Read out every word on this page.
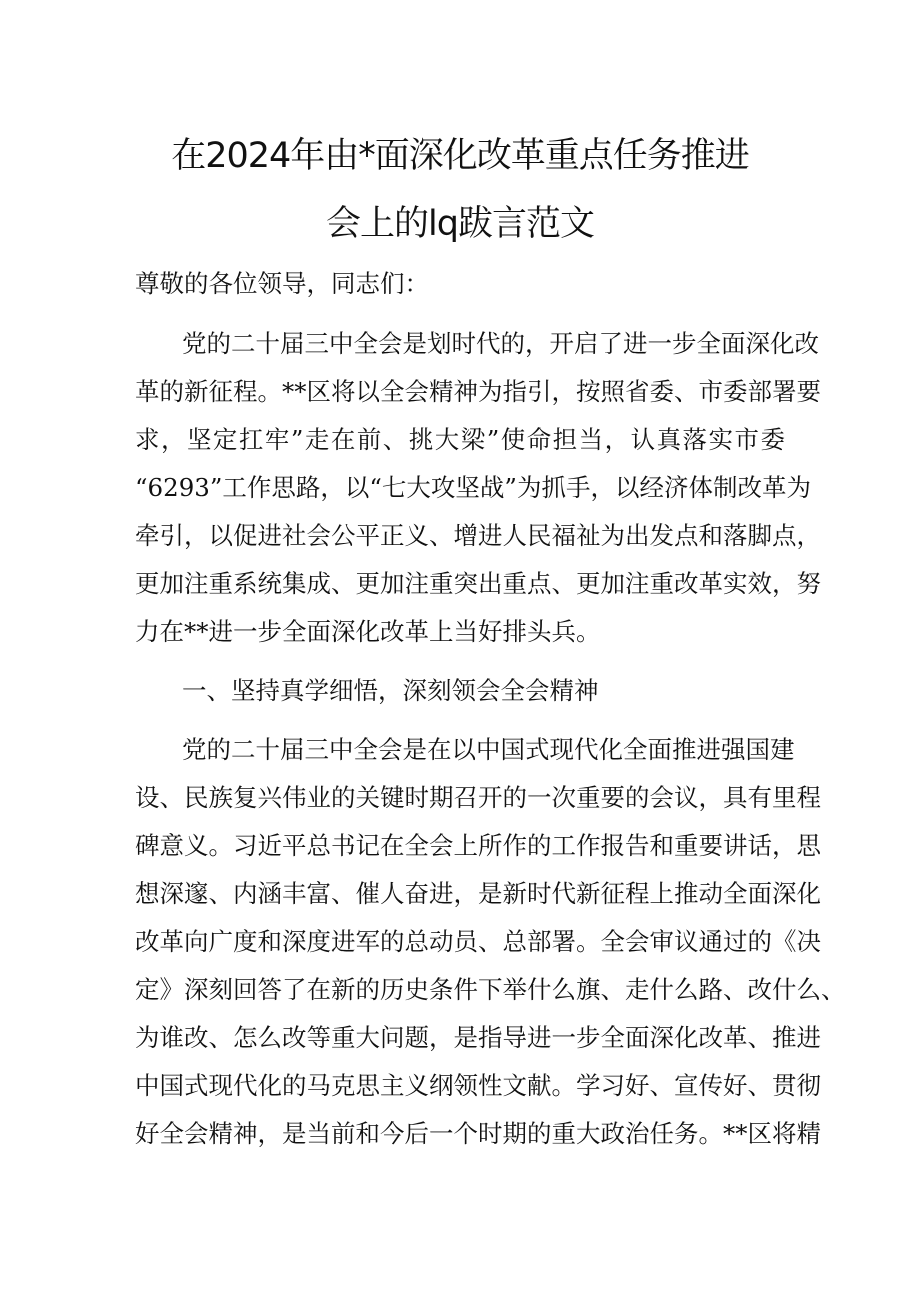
在2024年由*面深化改革重点任务推进
会上的lq跋言范文
尊敬的各位领导，同志们：
党的二十届三中全会是划时代的，开启了进一步全面深化改
革的新征程。**区将以全会精神为指引，按照省委、市委部署要
求，坚定扛牢”走在前、挑大梁”使命担当，认真落实市委
“6293”工作思路，以“七大攻坚战”为抓手，以经济体制改革为
牵引，以促进社会公平正义、增进人民福祉为出发点和落脚点，
更加注重系统集成、更加注重突出重点、更加注重改革实效，努
力在**进一步全面深化改革上当好排头兵。
一、坚持真学细悟，深刻领会全会精神
党的二十届三中全会是在以中国式现代化全面推进强国建
设、民族复兴伟业的关键时期召开的一次重要的会议，具有里程
碑意义。习近平总书记在全会上所作的工作报告和重要讲话，思
想深邃、内涵丰富、催人奋进，是新时代新征程上推动全面深化
改革向广度和深度进军的总动员、总部署。全会审议通过的《决
定》深刻回答了在新的历史条件下举什么旗、走什么路、改什么、
为谁改、怎么改等重大问题，是指导进一步全面深化改革、推进
中国式现代化的马克思主义纲领性文献。学习好、宣传好、贯彻
好全会精神，是当前和今后一个时期的重大政治任务。**区将精
